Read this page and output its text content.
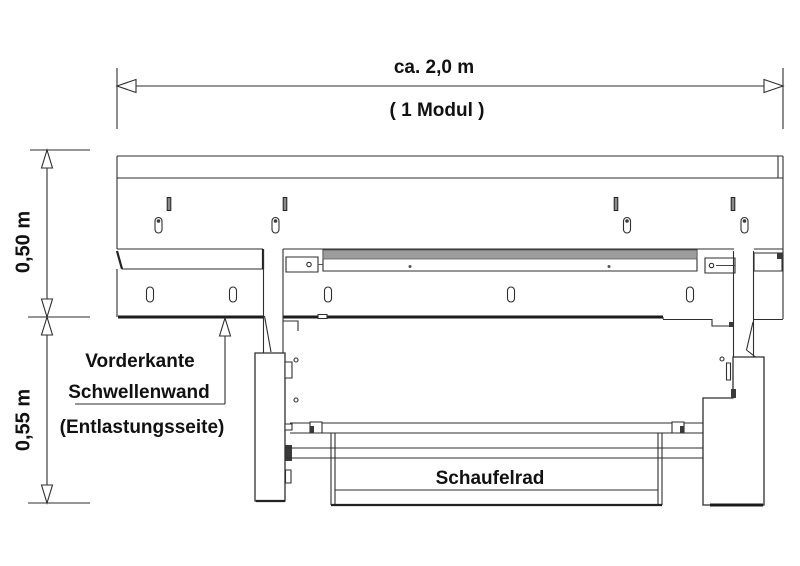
ca. 2,0 m
( 1 Modul )
0,50 m
0,55 m
Schaufelrad
Vorderkante
Schwellenwand
(Entlastungsseite)
